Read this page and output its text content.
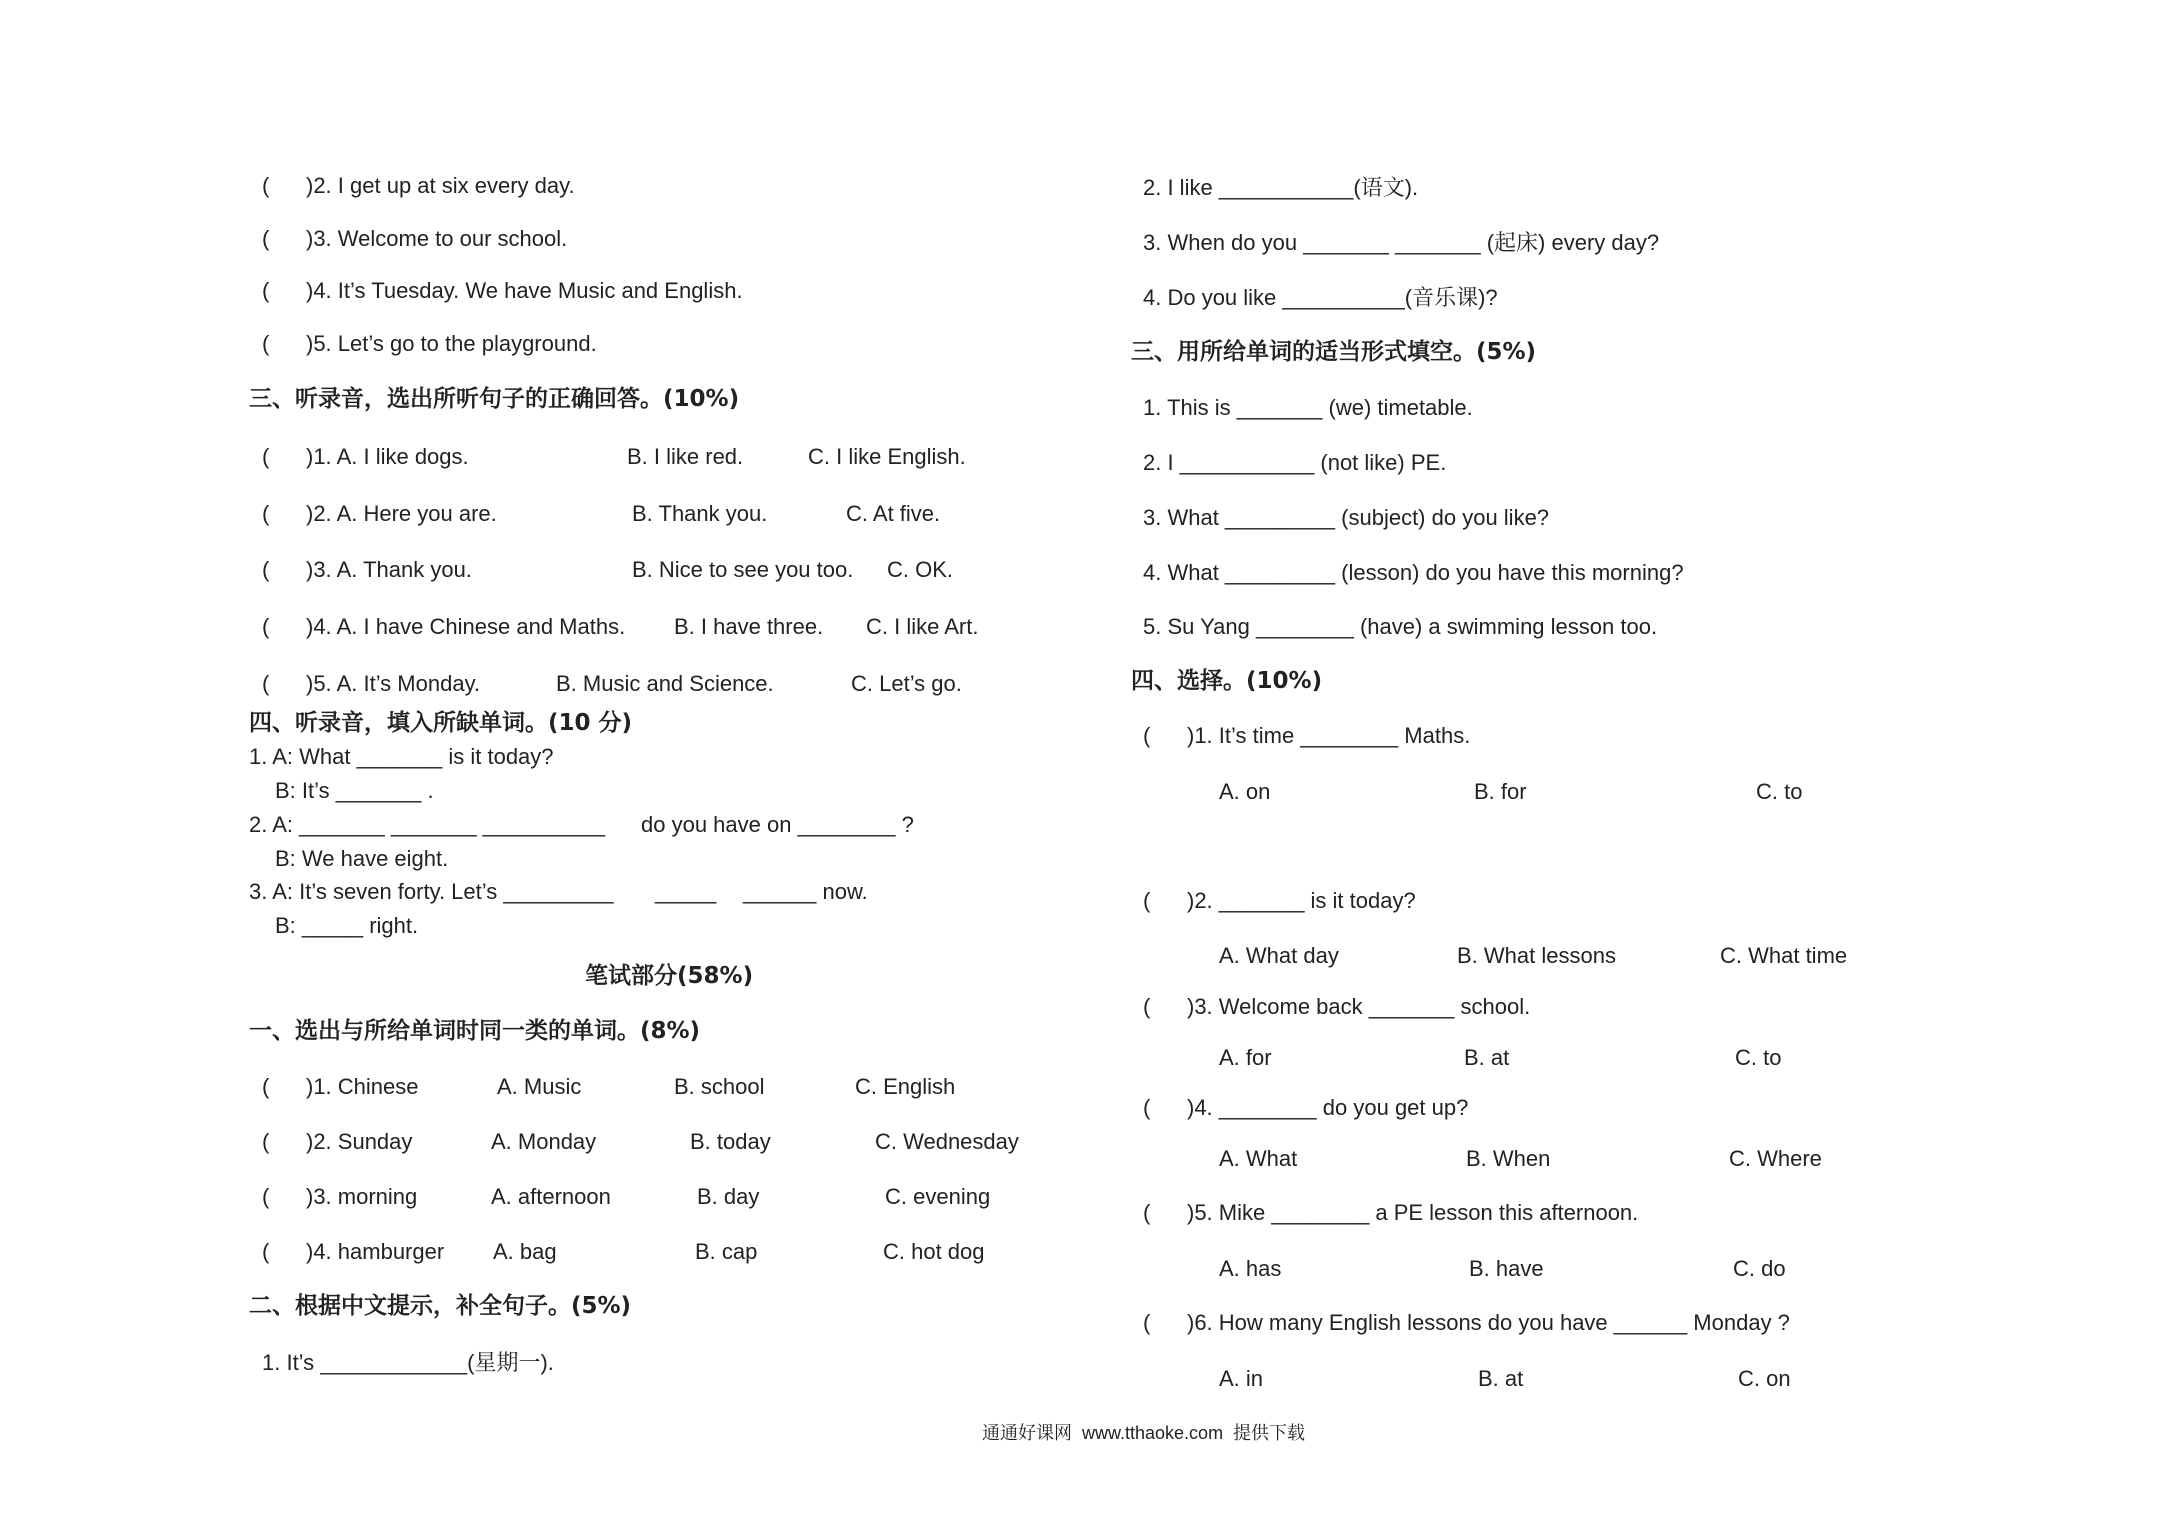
( )2. I get up at six every day.
( )3. Welcome to our school.
( )4. It’s Tuesday. We have Music and English.
( )5. Let’s go to the playground.
三、听录音，选出所听句子的正确回答。(10%)
( )1. A. I like dogs.	B. I like red.	C. I like English.
( )2. A. Here you are.	B. Thank you.	C. At five.
( )3. A. Thank you.	B. Nice to see you too. C. OK.
( )4. A. I have Chinese and Maths. B. I have three. C. I like Art.
( )5. A. It’s Monday.	B. Music and Science.	C. Let’s go.
四、听录音，填入所缺单词。(10 分)
1. A: What _______ is it today?
B: It’s _______ .
2. A: _______ _______ __________ do you have on ________ ?
B: We have eight.
3. A: It’s seven forty. Let’s _________ _____ ______ now.
B: _____ right.
笔试部分(58%)
一、选出与所给单词时同一类的单词。(8%)
( )1. Chinese	A. Music	B. school	C. English
( )2. Sunday	A. Monday	B. today	C. Wednesday
( )3. morning	A. afternoon	B. day	C. evening
( )4. hamburger A. bag	B. cap	C. hot dog
二、根据中文提示，补全句子。(5%)
1. It’s ____________(星期一).
2. I like ___________(语文).
3. When do you _______ _______ (起床) every day?
4. Do you like __________(音乐课)?
三、用所给单词的适当形式填空。(5%)
1. This is _______ (we) timetable.
2. I ___________ (not like) PE.
3. What _________ (subject) do you like?
4. What _________ (lesson) do you have this morning?
5. Su Yang ________ (have) a swimming lesson too.
四、选择。(10%)
( )1. It’s time ________ Maths.
A. on	B. for	C. to
( )2. _______ is it today?
A. What day	B. What lessons	C. What time
( )3. Welcome back _______ school.
A. for	B. at	C. to
( )4. ________ do you get up?
A. What	B. When	C. Where
( )5. Mike ________ a PE lesson this afternoon.
A. has	B. have	C. do
( )6. How many English lessons do you have ______ Monday ?
A. in	B. at	C. on
通通好课网  www.tthaoke.com  提供下载
